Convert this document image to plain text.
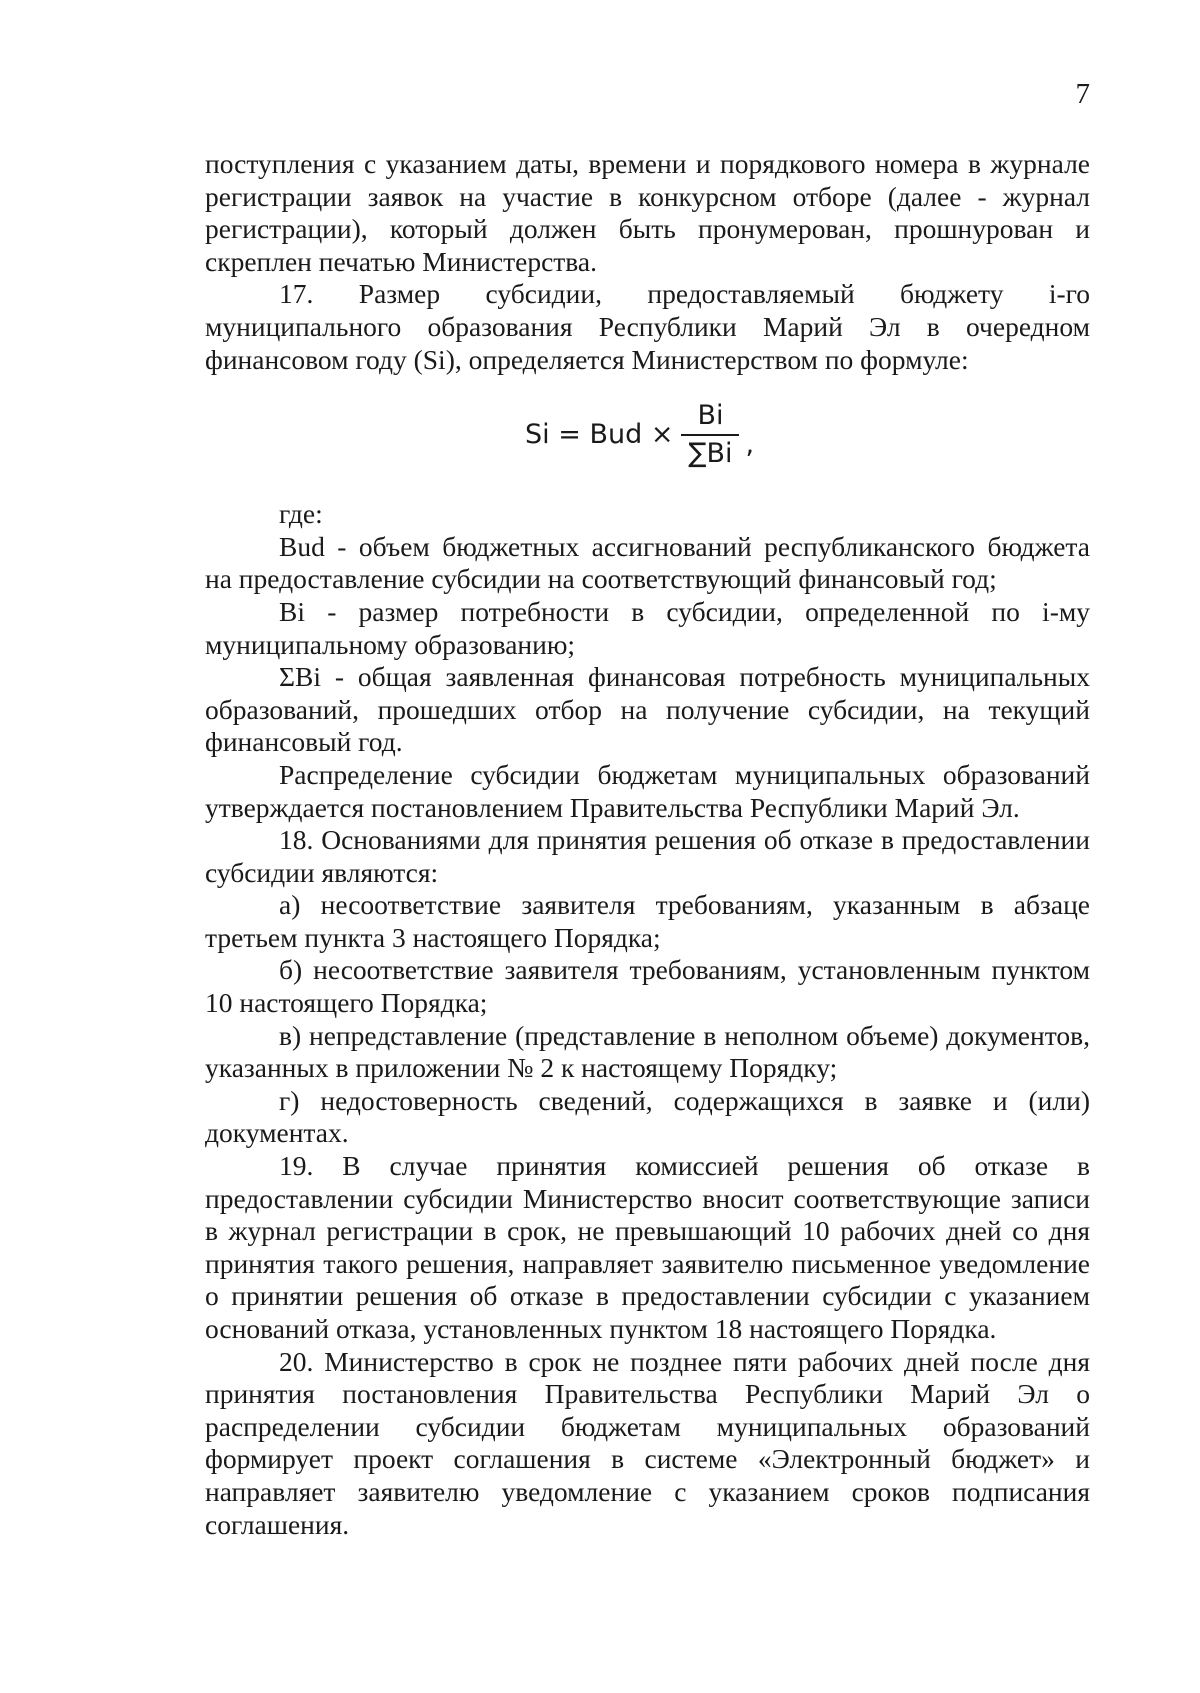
7

поступления с указанием даты, времени и порядкового номера в журнале регистрации заявок на участие в конкурсном отборе (далее - журнал регистрации), который должен быть пронумерован, прошнурован и скреплен печатью Министерства.

17. Размер субсидии, предоставляемый бюджету i-го муниципального образования Республики Марий Эл в очередном финансовом году (Si), определяется Министерством по формуле:

Si = Bud × $\frac{Bi}{\sum Bi}$ ,

где:

Bud - объем бюджетных ассигнований республиканского бюджета на предоставление субсидии на соответствующий финансовый год;

Bi - размер потребности в субсидии, определенной по i-му муниципальному образованию;

ΣBi - общая заявленная финансовая потребность муниципальных образований, прошедших отбор на получение субсидии, на текущий финансовый год.

Распределение субсидии бюджетам муниципальных образований утверждается постановлением Правительства Республики Марий Эл.

18. Основаниями для принятия решения об отказе в предоставлении субсидии являются:

а) несоответствие заявителя требованиям, указанным в абзаце третьем пункта 3 настоящего Порядка;

б) несоответствие заявителя требованиям, установленным пунктом 10 настоящего Порядка;

в) непредставление (представление в неполном объеме) документов, указанных в приложении № 2 к настоящему Порядку;

г) недостоверность сведений, содержащихся в заявке и (или) документах.

19. В случае принятия комиссией решения об отказе в предоставлении субсидии Министерство вносит соответствующие записи в журнал регистрации в срок, не превышающий 10 рабочих дней со дня принятия такого решения, направляет заявителю письменное уведомление о принятии решения об отказе в предоставлении субсидии с указанием оснований отказа, установленных пунктом 18 настоящего Порядка.

20. Министерство в срок не позднее пяти рабочих дней после дня принятия постановления Правительства Республики Марий Эл о распределении субсидии бюджетам муниципальных образований формирует проект соглашения в системе «Электронный бюджет» и направляет заявителю уведомление с указанием сроков подписания соглашения.
